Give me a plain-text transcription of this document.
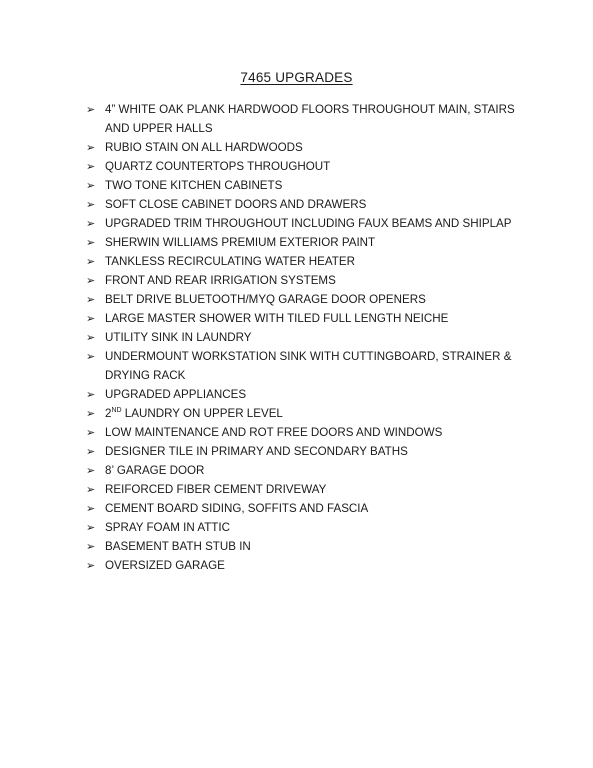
7465 UPGRADES
➢ 4” WHITE OAK PLANK HARDWOOD FLOORS THROUGHOUT MAIN, STAIRS AND UPPER HALLS
➢ RUBIO STAIN ON ALL HARDWOODS
➢ QUARTZ COUNTERTOPS THROUGHOUT
➢ TWO TONE KITCHEN CABINETS
➢ SOFT CLOSE CABINET DOORS AND DRAWERS
➢ UPGRADED TRIM THROUGHOUT INCLUDING FAUX BEAMS AND SHIPLAP
➢ SHERWIN WILLIAMS PREMIUM EXTERIOR PAINT
➢ TANKLESS RECIRCULATING WATER HEATER
➢ FRONT AND REAR IRRIGATION SYSTEMS
➢ BELT DRIVE BLUETOOTH/MYQ GARAGE DOOR OPENERS
➢ LARGE MASTER SHOWER WITH TILED FULL LENGTH NEICHE
➢ UTILITY SINK IN LAUNDRY
➢ UNDERMOUNT WORKSTATION SINK WITH CUTTINGBOARD, STRAINER & DRYING RACK
➢ UPGRADED APPLIANCES
➢ 2ND LAUNDRY ON UPPER LEVEL
➢ LOW MAINTENANCE AND ROT FREE DOORS AND WINDOWS
➢ DESIGNER TILE IN PRIMARY AND SECONDARY BATHS
➢ 8’ GARAGE DOOR
➢ REIFORCED FIBER CEMENT DRIVEWAY
➢ CEMENT BOARD SIDING, SOFFITS AND FASCIA
➢ SPRAY FOAM IN ATTIC
➢ BASEMENT BATH STUB IN
➢ OVERSIZED GARAGE
